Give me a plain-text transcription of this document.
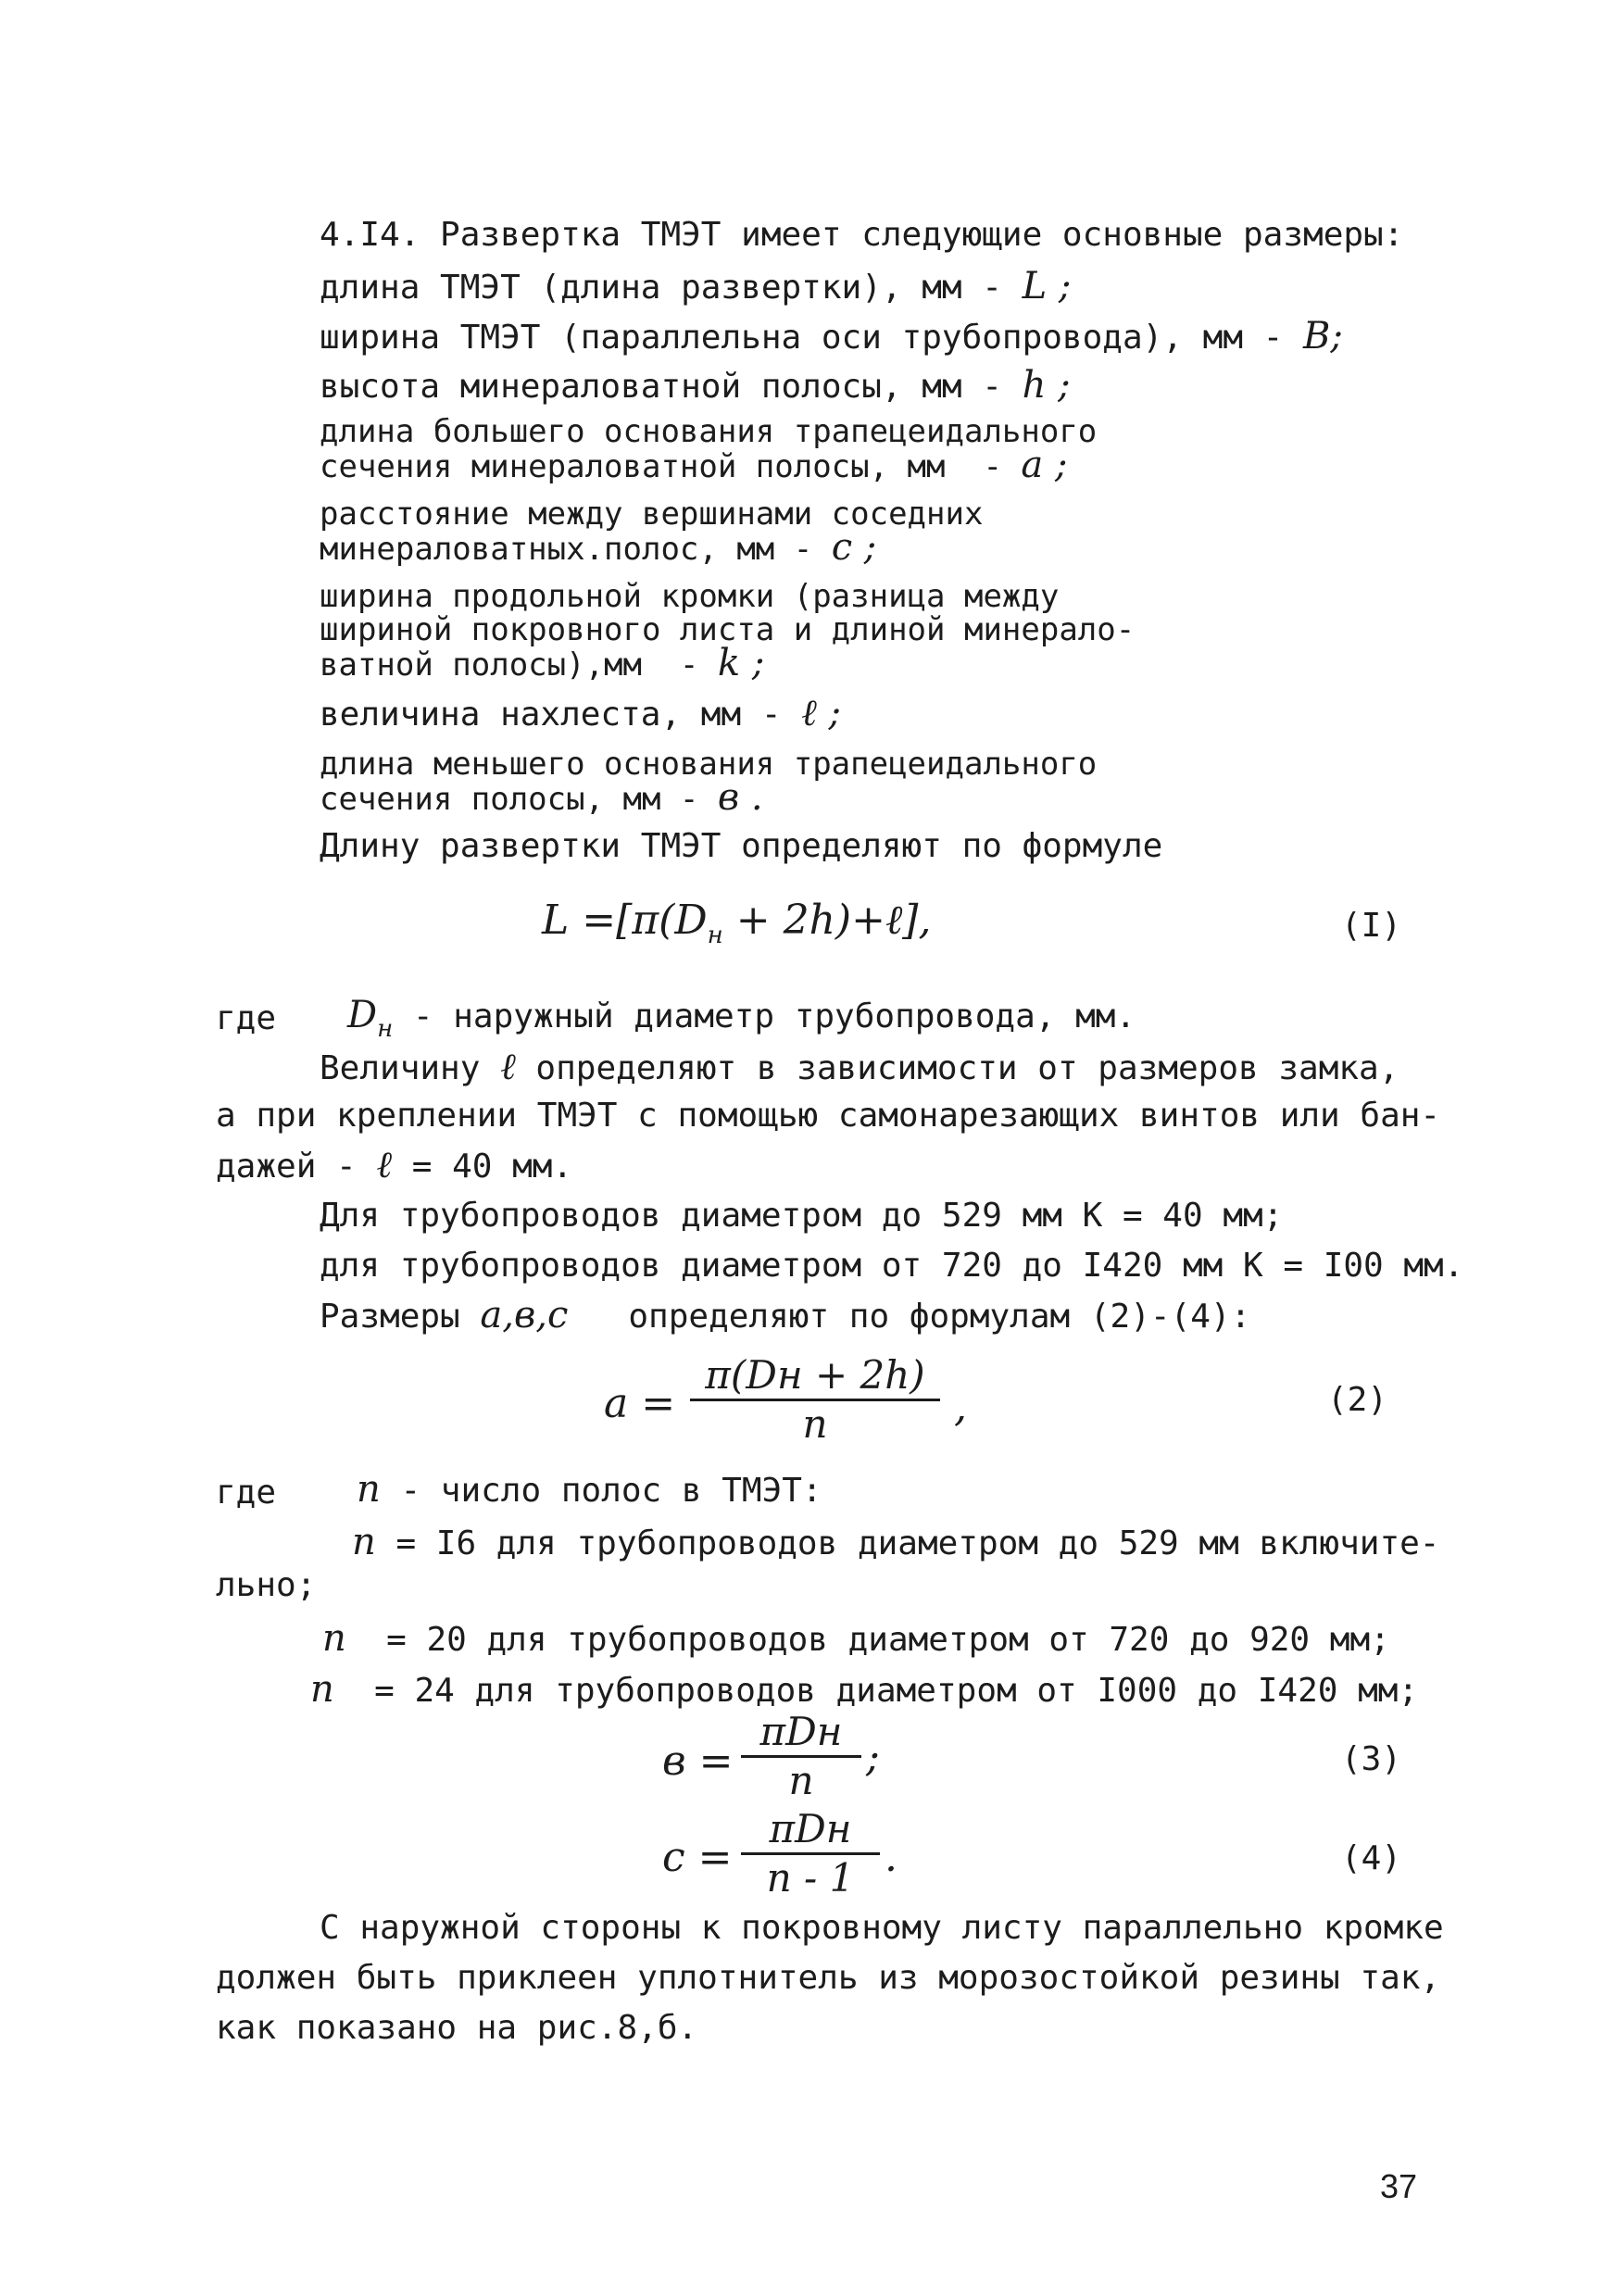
4.I4. Развертка ТМЭТ имеет следующие основные размеры:
длина ТМЭТ (длина развертки), мм - L ;
ширина ТМЭТ (параллельна оси трубопровода), мм - B;
высота минераловатной полосы, мм - h ;
длина большего основания трапецеидального
сечения минераловатной полосы, мм  - a ;
расстояние между вершинами соседних
минераловатных.полос, мм - c ;
ширина продольной кромки (разница между
шириной покровного листа и длиной минерало-
ватной полосы),мм  - k ;
величина нахлеста, мм - ℓ ;
длина меньшего основания трапецеидального
сечения полосы, мм - в .
Длину развертки ТМЭТ определяют по формуле
$L =[\pi(D_н$ + 2h)+ℓ],	(I)
где $D_н$ - наружный диаметр трубопровода, мм.
Величину ℓ определяют в зависимости от размеров замка,
а при креплении ТМЭТ с помощью самонарезающих винтов или бан-
дажей - ℓ = 40 мм.
Для трубопроводов диаметром до 529 мм К = 40 мм;
для трубопроводов диаметром от 720 до I420 мм К = I00 мм.
Размеры a,в,c   определяют по формулам (2)-(4):
a =
π(Dн + 2h)
n	,	(2)
где n - число полос в ТМЭТ:
n = I6 для трубопроводов диаметром до 529 мм включите-
льно;
n  = 20 для трубопроводов диаметром от 720 до 920 мм;
n  = 24 для трубопроводов диаметром от I000 до I420 мм;
в =
πDн
n ;	(3)
c =
πDн
n - 1 .	(4)
С наружной стороны к покровному листу параллельно кромке
должен быть приклеен уплотнитель из морозостойкой резины так,
как показано на рис.8,б.
37
